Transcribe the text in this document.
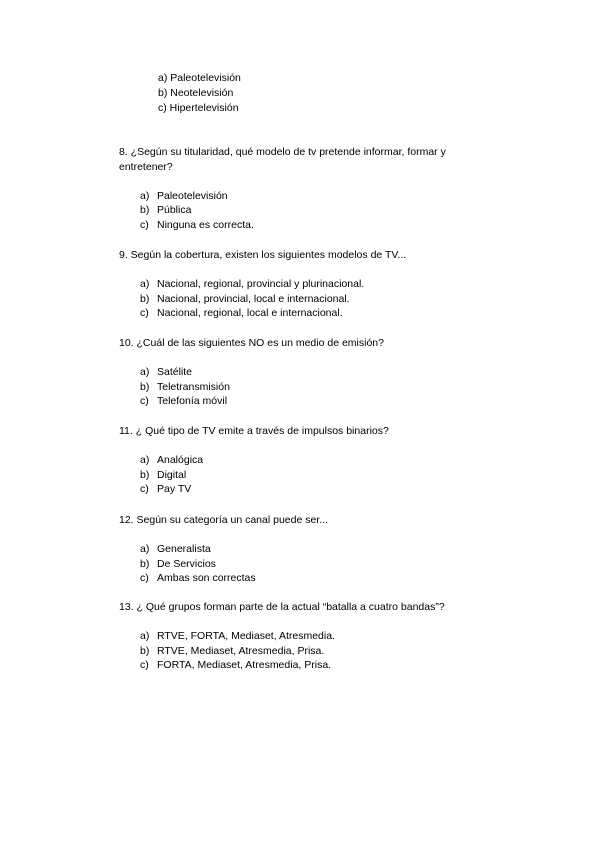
a) Paleotelevisión
b) Neotelevisión
c) Hipertelevisión

8. ¿Según su titularidad, qué modelo de tv pretende informar, formar y entretener?

a) Paleotelevisión
b) Pública
c) Ninguna es correcta.

9. Según la cobertura, existen los siguientes modelos de TV...

a) Nacional, regional, provincial y plurinacional.
b) Nacional, provincial, local e internacional.
c) Nacional, regional, local e internacional.

10. ¿Cuál de las siguientes NO es un medio de emisión?

a) Satélite
b) Teletransmisión
c) Telefonía móvil

11. ¿ Qué tipo de TV emite a través de impulsos binarios?

a) Analógica
b) Digital
c) Pay TV

12. Según su categoría un canal puede ser...

a) Generalista
b) De Servicios
c) Ambas son correctas

13. ¿ Qué grupos forman parte de la actual “batalla a cuatro bandas”?

a) RTVE, FORTA, Mediaset, Atresmedia.
b) RTVE, Mediaset, Atresmedia, Prisa.
c) FORTA, Mediaset, Atresmedia, Prisa.
